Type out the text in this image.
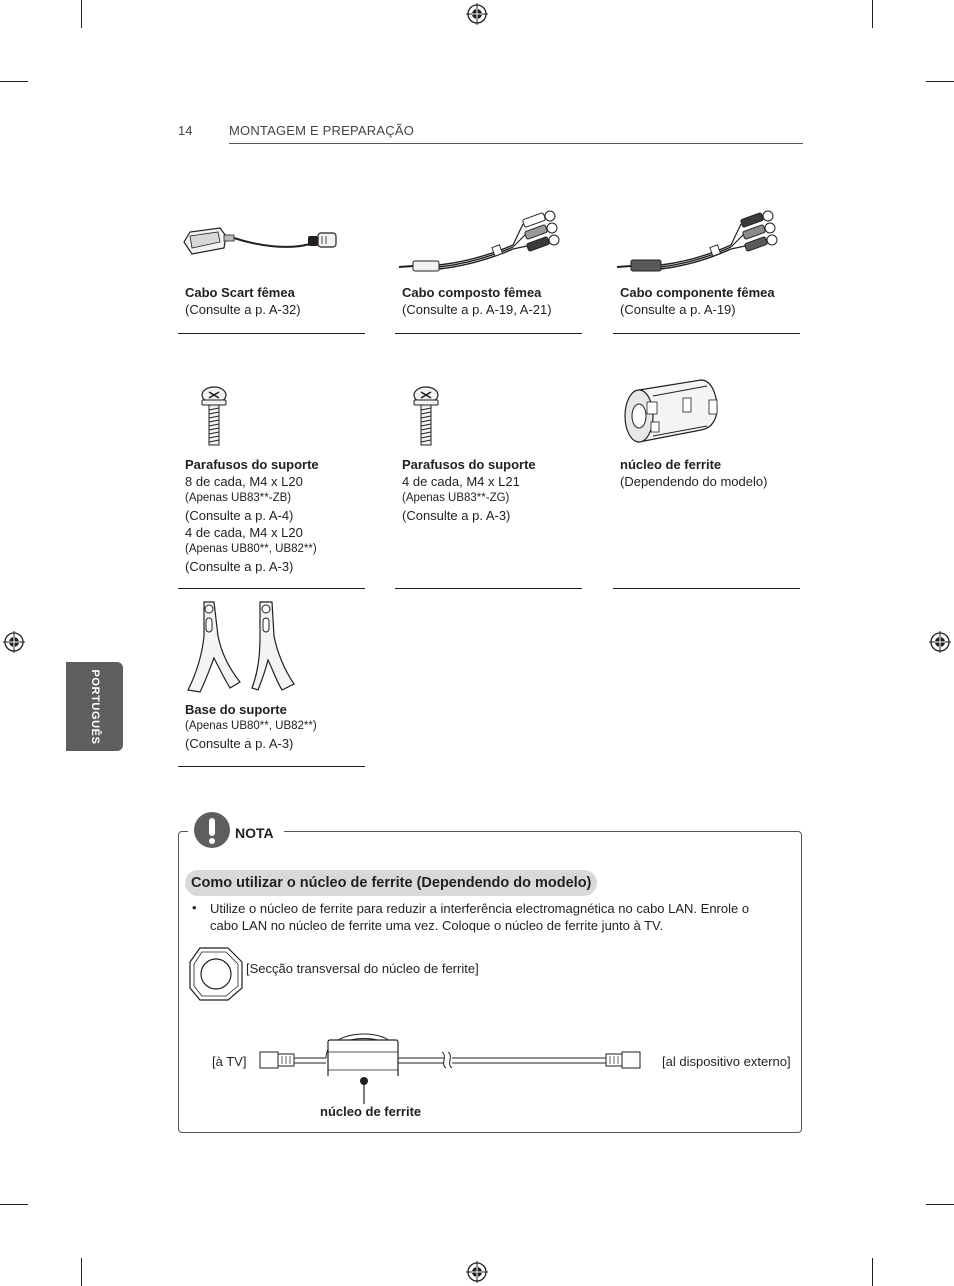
14	MONTAGEM E PREPARAÇÃO
PORTUGUÊS
Cabo Scart fêmea
(Consulte a p. A-32)
Cabo composto fêmea
(Consulte a p. A-19, A-21)
Cabo componente fêmea
(Consulte a p. A-19)
Parafusos do suporte
8 de cada, M4 x L20
(Apenas UB83**-ZB)
(Consulte a p. A-4)
4 de cada, M4 x L20
(Apenas UB80**, UB82**)
(Consulte a p. A-3)
Parafusos do suporte
4 de cada, M4 x L21
(Apenas UB83**-ZG)
(Consulte a p. A-3)
núcleo de ferrite
(Dependendo do modelo)
Base do suporte
(Apenas UB80**, UB82**)
(Consulte a p. A-3)
NOTA
Como utilizar o núcleo de ferrite (Dependendo do modelo)
• Utilize o núcleo de ferrite para reduzir a interferência electromagnética no cabo LAN. Enrole o cabo LAN no núcleo de ferrite uma vez. Coloque o núcleo de ferrite junto à TV.
[Secção transversal do núcleo de ferrite]
[à TV]	[al dispositivo externo]
núcleo de ferrite
